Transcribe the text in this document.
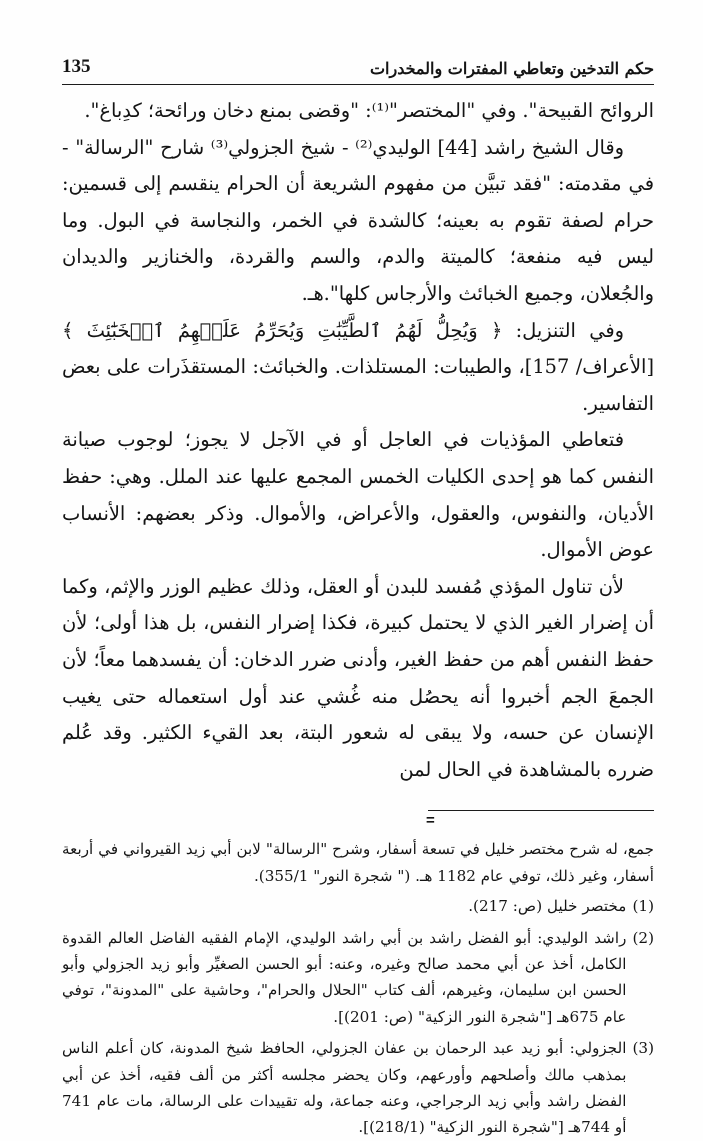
حكم التدخين وتعاطي المفترات والمخدرات
135

الروائح القبيحة". وفي "المختصر"⁽¹⁾: "وقضى بمنع دخان ورائحة؛ كدِباغ".

وقال الشيخ راشد [44] الوليدي⁽²⁾ - شيخ الجزولي⁽³⁾ شارح "الرسالة" - في مقدمته: "فقد تبيَّن من مفهوم الشريعة أن الحرام ينقسم إلى قسمين: حرام لصفة تقوم به بعينه؛ كالشدة في الخمر، والنجاسة في البول. وما ليس فيه منفعة؛ كالميتة والدم، والسم والقردة، والخنازير والديدان والجُعلان، وجميع الخبائث والأرجاس كلها".هـ.

وفي التنزيل: ﴿ وَيُحِلُّ لَهُمُ ٱلطَّيِّبَٰتِ وَيُحَرِّمُ عَلَيۡهِمُ ٱلۡخَبَٰٓئِثَ ﴾ [الأعراف/ 157]، والطيبات: المستلذات. والخبائث: المستقذَرات على بعض التفاسير.

فتعاطي المؤذيات في العاجل أو في الآجل لا يجوز؛ لوجوب صيانة النفس كما هو إحدى الكليات الخمس المجمع عليها عند الملل. وهي: حفظ الأديان، والنفوس، والعقول، والأعراض، والأموال. وذكر بعضهم: الأنساب عوض الأموال.

لأن تناول المؤذي مُفسد للبدن أو العقل، وذلك عظيم الوزر والإثم، وكما أن إضرار الغير الذي لا يحتمل كبيرة، فكذا إضرار النفس، بل هذا أولى؛ لأن حفظ النفس أهم من حفظ الغير، وأدنى ضرر الدخان: أن يفسدهما معاً؛ لأن الجمعَ الجم أخبروا أنه يحصُل منه غُشي عند أول استعماله حتى يغيب الإنسان عن حسه، ولا يبقى له شعور البتة، بعد القيء الكثير. وقد عُلم ضرره بالمشاهدة في الحال لمن

=

جمع، له شرح مختصر خليل في تسعة أسفار، وشرح "الرسالة" لابن أبي زيد القيرواني في أربعة أسفار، وغير ذلك، توفي عام 1182 هـ. (" شجرة النور" 355/1).

(1)
مختصر خليل (ص: 217).
(2)
راشد الوليدي: أبو الفضل راشد بن أبي راشد الوليدي، الإمام الفقيه الفاضل العالم القدوة الكامل، أخذ عن أبي محمد صالح وغيره، وعنه: أبو الحسن الصغيِّر وأبو زيد الجزولي وأبو الحسن ابن سليمان، وغيرهم، ألف كتاب "الحلال والحرام"، وحاشية على "المدونة"، توفي عام 675هـ ["شجرة النور الزكية" (ص: 201)].
(3)
الجزولي: أبو زيد عبد الرحمان بن عفان الجزولي، الحافظ شيخ المدونة، كان أعلم الناس بمذهب مالك وأصلحهم وأورعهم، وكان يحضر مجلسه أكثر من ألف فقيه، أخذ عن أبي الفضل راشد وأبي زيد الرجراجي، وعنه جماعة، وله تقييدات على الرسالة، مات عام 741 أو 744هـ ["شجرة النور الزكية" (218/1)].
